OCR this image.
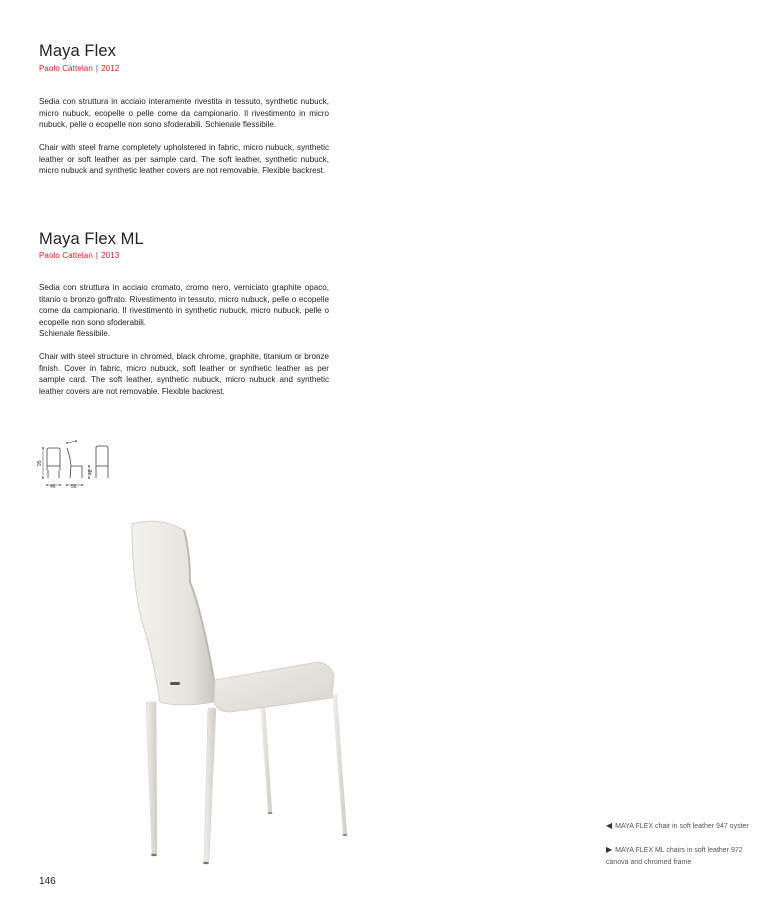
Maya Flex
Paolo Cattelan | 2012

Sedia con struttura in acciaio interamente rivestita in tessuto, synthetic nubuck, micro nubuck, ecopelle o pelle come da campionario. Il rivestimento in micro nubuck, pelle o ecopelle non sono sfoderabili. Schienale flessibile.

Chair with steel frame completely upholstered in fabric, micro nubuck, synthetic leather or soft leather as per sample card. The soft leather, synthetic nubuck, micro nubuck and synthetic leather covers are not removable. Flexible backrest.

Maya Flex ML
Paolo Cattelan | 2013

Sedia con struttura in acciaio cromato, cromo nero, verniciato graphite opaco, titanio o bronzo goffrato. Rivestimento in tessuto, micro nubuck, pelle o ecopelle come da campionario. Il rivestimento in synthetic nubuck, micro nubuck, pelle o ecopelle non sono sfoderabili.

Schienale flessibile.

Chair with steel structure in chromed, black chrome, graphite, titanium or bronze finish. Cover in fabric, micro nubuck, soft leather or synthetic leather as per sample card. The soft leather, synthetic nubuck, micro nubuck and synthetic leather covers are not removable. Flexible backrest.

95
48
46	56
◀ MAYA FLEX chair in soft leather 947 oyster
▶ MAYA FLEX ML chairs in soft leather 972 canova and chromed frame
146
